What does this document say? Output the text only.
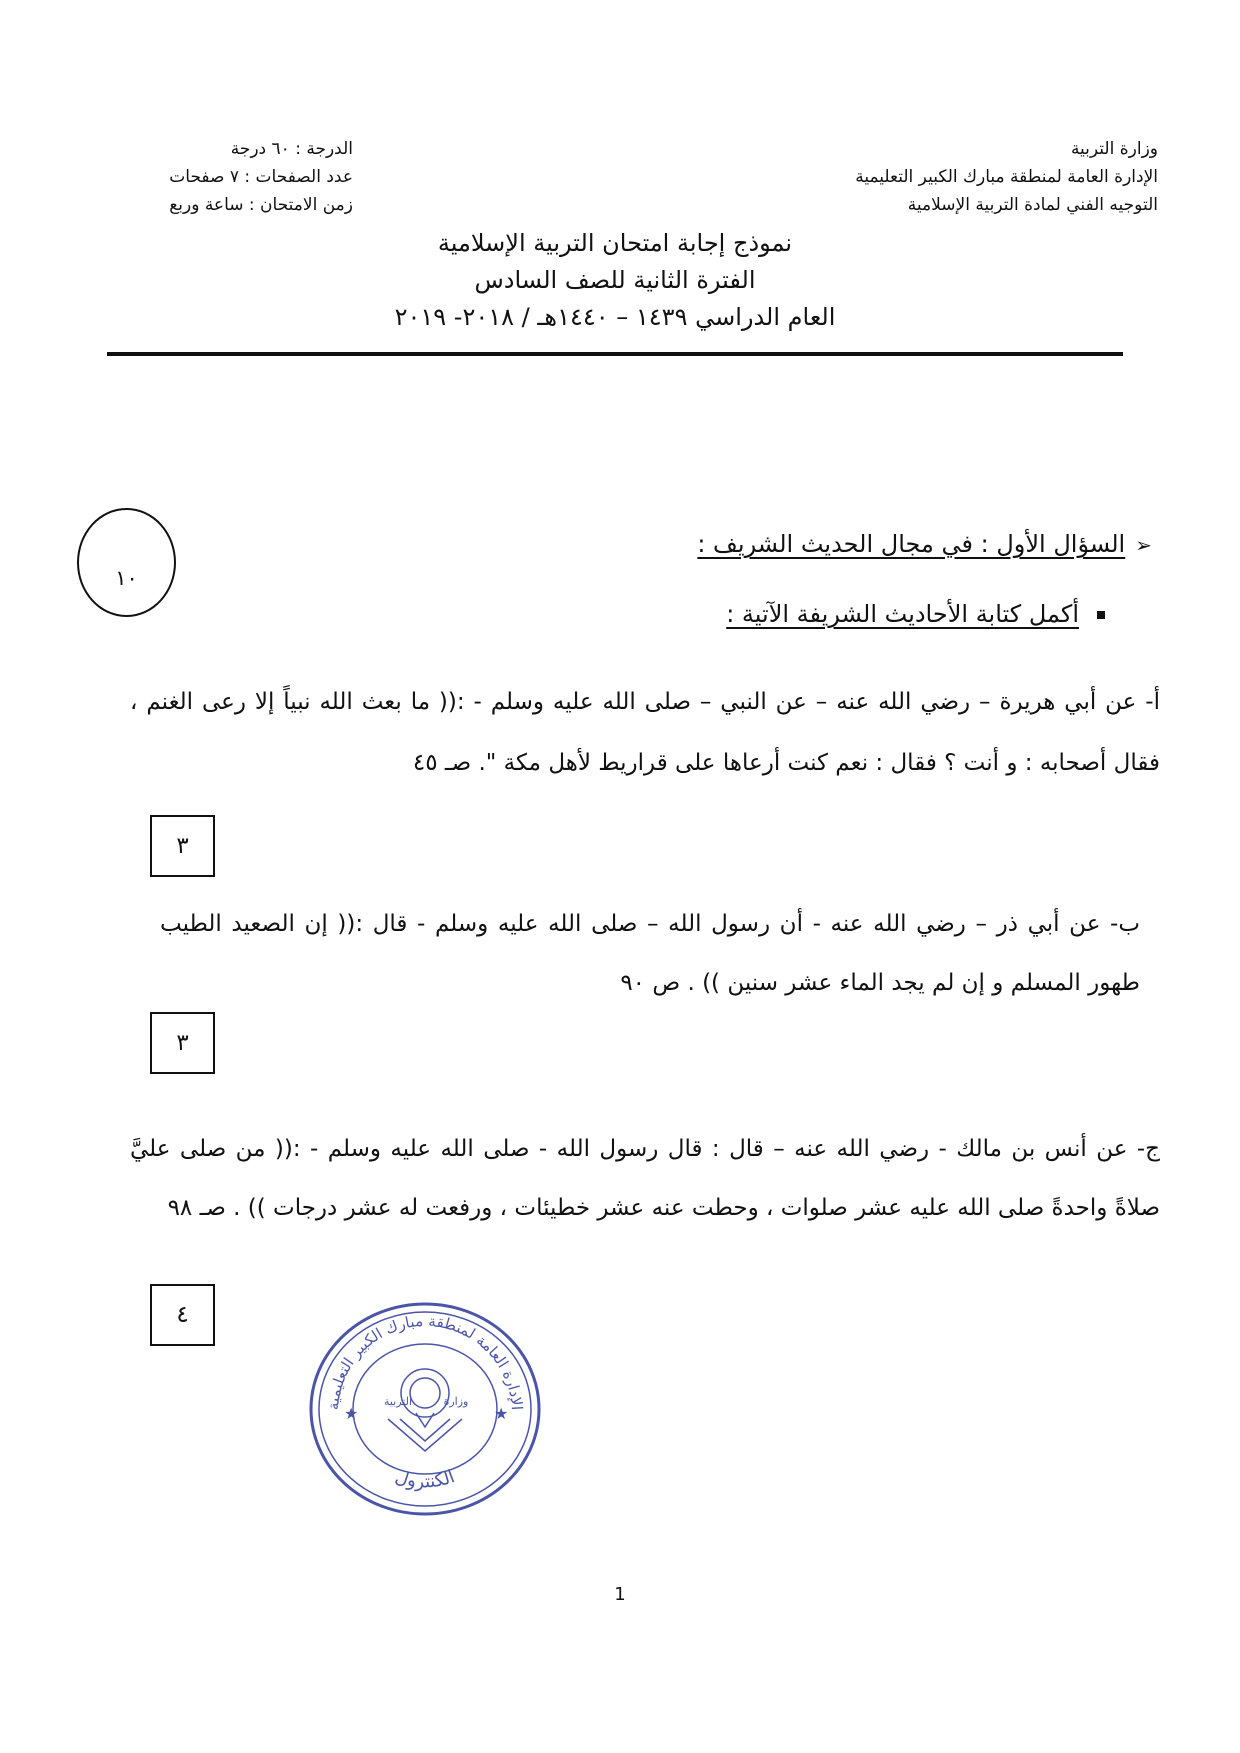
وزارة التربية
الإدارة العامة لمنطقة مبارك الكبير التعليمية
التوجيه الفني لمادة التربية الإسلامية
الدرجة : ٦٠ درجة
عدد الصفحات : ٧ صفحات
زمن الامتحان : ساعة وربع
نموذج إجابة امتحان التربية الإسلامية
الفترة الثانية للصف السادس
العام الدراسي ١٤٣٩ – ١٤٤٠هـ / ٢٠١٨- ٢٠١٩
١٠
➢السؤال الأول : في مجال الحديث الشريف :
أكمل كتابة الأحاديث الشريفة الآتية :
أ- عن أبي هريرة – رضي الله عنه – عن النبي – صلى الله عليه وسلم - :(( ما بعث الله نبياً إلا رعى الغنم ، فقال أصحابه : و أنت ؟ فقال : نعم كنت أرعاها على قراريط لأهل مكة ". صـ ٤٥
٣
ب- عن أبي ذر – رضي الله عنه - أن رسول الله – صلى الله عليه وسلم - قال :(( إن الصعيد الطيب طهور المسلم و إن لم يجد الماء عشر سنين )) . ص ٩٠
٣
ج- عن أنس بن مالك - رضي الله عنه – قال : قال رسول الله - صلى الله عليه وسلم - :(( من صلى عليَّ صلاةً واحدةً صلى الله عليه عشر صلوات ، وحطت عنه عشر خطيئات ، ورفعت له عشر درجات )) . صـ ٩٨
٤
الإدارة العامة لمنطقة مبارك الكبير التعليمية
الكنترول
★	★
التربية	وزارة
1
